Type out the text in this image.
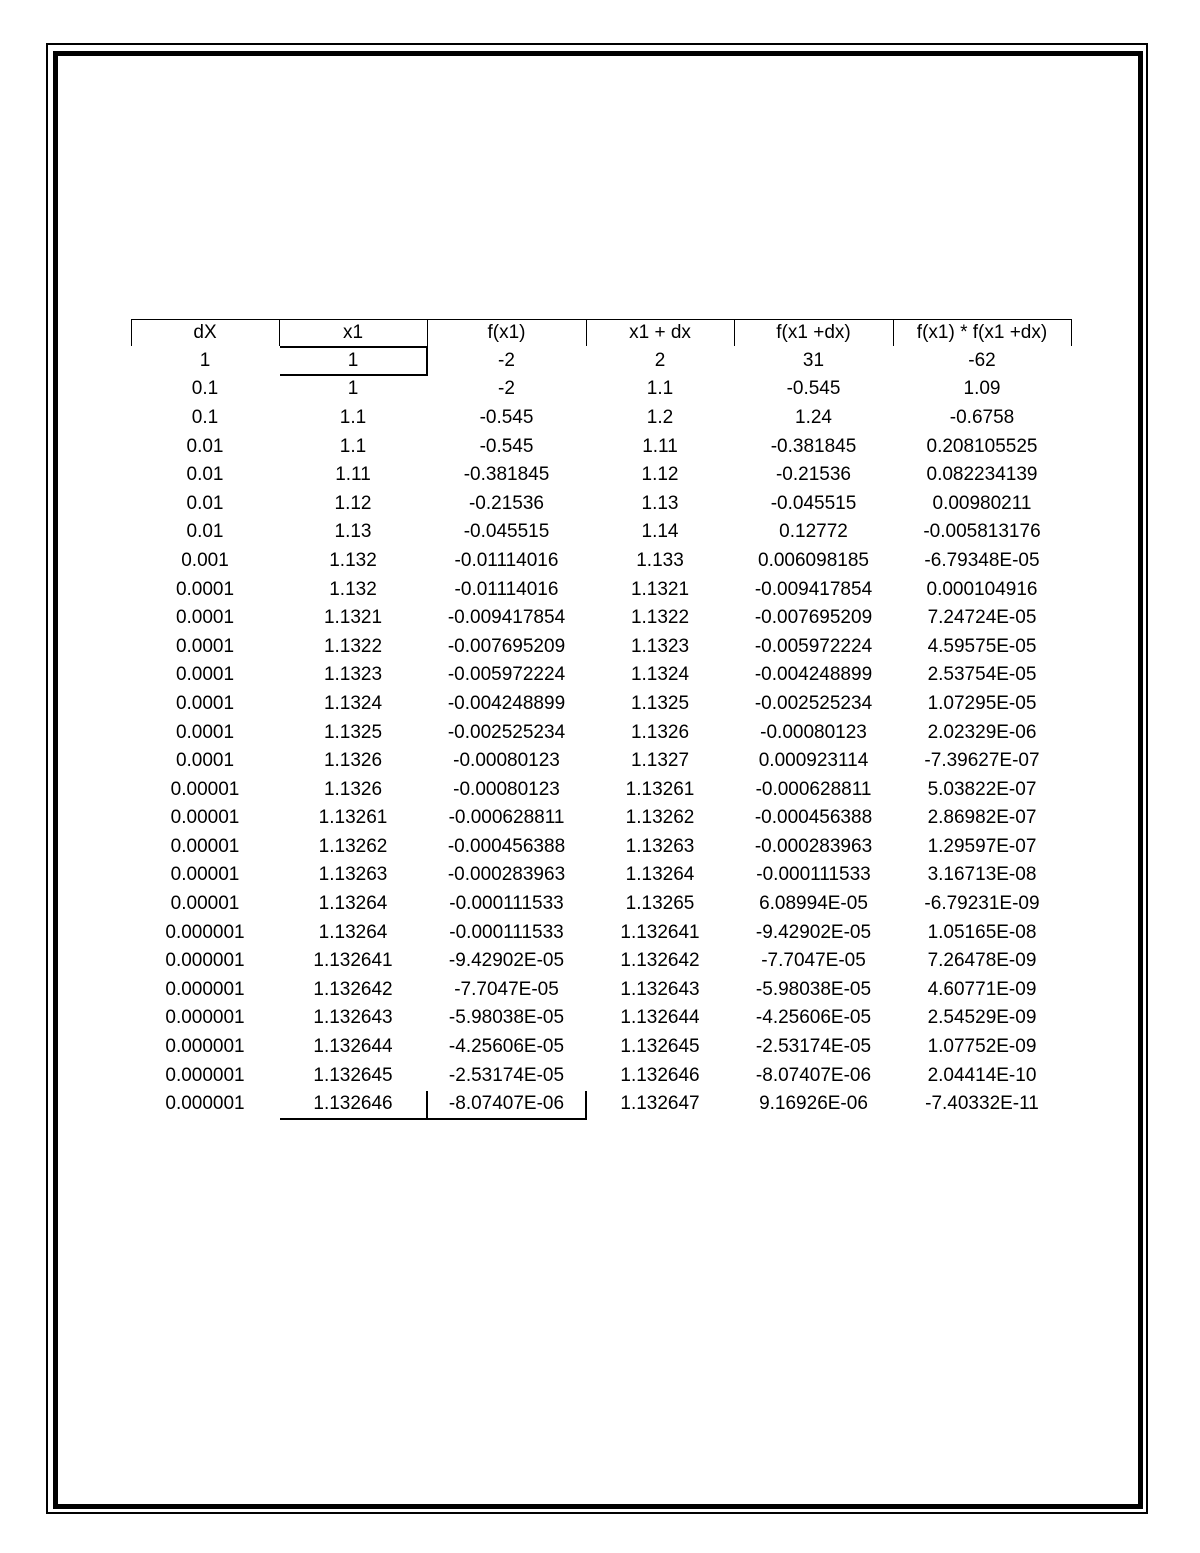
dX	x1	f(x1)	x1 + dx	f(x1 +dx)	f(x1) * f(x1 +dx)
1	1	-2	2	31	-62
0.1	1	-2	1.1	-0.545	1.09
0.1	1.1	-0.545	1.2	1.24	-0.6758
0.01	1.1	-0.545	1.11	-0.381845	0.208105525
0.01	1.11	-0.381845	1.12	-0.21536	0.082234139
0.01	1.12	-0.21536	1.13	-0.045515	0.00980211
0.01	1.13	-0.045515	1.14	0.12772	-0.005813176
0.001	1.132	-0.01114016	1.133	0.006098185	-6.79348E-05
0.0001	1.132	-0.01114016	1.1321	-0.009417854	0.000104916
0.0001	1.1321	-0.009417854	1.1322	-0.007695209	7.24724E-05
0.0001	1.1322	-0.007695209	1.1323	-0.005972224	4.59575E-05
0.0001	1.1323	-0.005972224	1.1324	-0.004248899	2.53754E-05
0.0001	1.1324	-0.004248899	1.1325	-0.002525234	1.07295E-05
0.0001	1.1325	-0.002525234	1.1326	-0.00080123	2.02329E-06
0.0001	1.1326	-0.00080123	1.1327	0.000923114	-7.39627E-07
0.00001	1.1326	-0.00080123	1.13261	-0.000628811	5.03822E-07
0.00001	1.13261	-0.000628811	1.13262	-0.000456388	2.86982E-07
0.00001	1.13262	-0.000456388	1.13263	-0.000283963	1.29597E-07
0.00001	1.13263	-0.000283963	1.13264	-0.000111533	3.16713E-08
0.00001	1.13264	-0.000111533	1.13265	6.08994E-05	-6.79231E-09
0.000001	1.13264	-0.000111533	1.132641	-9.42902E-05	1.05165E-08
0.000001	1.132641	-9.42902E-05	1.132642	-7.7047E-05	7.26478E-09
0.000001	1.132642	-7.7047E-05	1.132643	-5.98038E-05	4.60771E-09
0.000001	1.132643	-5.98038E-05	1.132644	-4.25606E-05	2.54529E-09
0.000001	1.132644	-4.25606E-05	1.132645	-2.53174E-05	1.07752E-09
0.000001	1.132645	-2.53174E-05	1.132646	-8.07407E-06	2.04414E-10
0.000001	1.132646	-8.07407E-06	1.132647	9.16926E-06	-7.40332E-11
